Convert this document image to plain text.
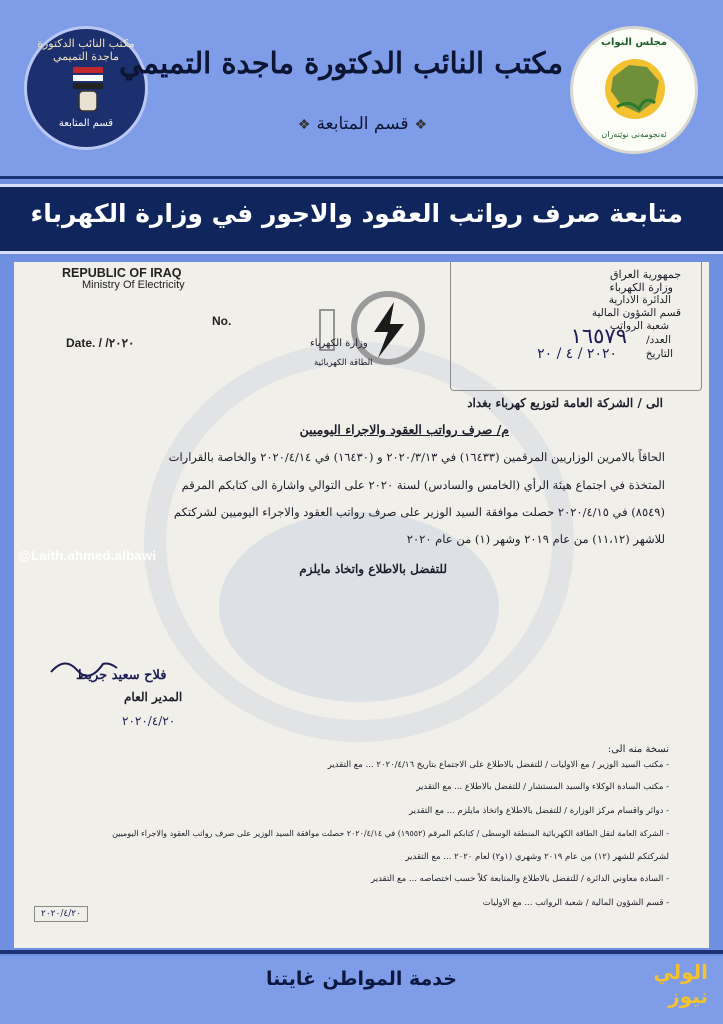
مكتب النائب الدكتورة ماجدة التميمي
قسم المتابعة
مكتب النائب الدكتورة ماجدة التميمي
❖قسم المتابعة❖
مجلس النواب
ئەنجومەنی نوێنەران
متابعة صرف رواتب العقود والاجور في وزارة الكهرباء
REPUBLIC OF IRAQ
Ministry Of Electricity
No.
Date. / /٢٠٢٠	وزارة الكهرباء
الطاقة الكهربائية
جمهورية العراق
وزارة الكهرباء
الدائرة الادارية
قسم الشؤون المالية
شعبة الرواتب
العدد/
التاريخ
١٦٥٧٩
٢٠٢٠ / ٤ / ٢٠
الى / الشركة العامة لتوزيع كهرباء بغداد
م/ صرف رواتب العقود والاجراء اليوميين
الحاقاً بالامرين الوزاريين المرقمين (١٦٤٣٣) في ٢٠٢٠/٣/١٣ و (١٦٤٣٠) في ٢٠٢٠/٤/١٤ والخاصة بالقرارات
المتخذة في اجتماع هيئة الرأي (الخامس والسادس) لسنة ٢٠٢٠ على التوالي واشارة الى كتابكم المرقم
(٨٥٤٩) في ٢٠٢٠/٤/١٥ حصلت موافقة السيد الوزير على صرف رواتب العقود والاجراء اليوميين لشركتكم
للاشهر (١١،١٢) من عام ٢٠١٩ وشهر (١) من عام ٢٠٢٠
للتفضل بالاطلاع واتخاذ مايلزم
فلاح سعيد جريط
المدير العام
٢٠٢٠/٤/٢٠
نسخة منه الى:
- مكتب السيد الوزير / مع الاوليات / للتفضل بالاطلاع على الاجتماع بتاريخ ٢٠٢٠/٤/١٦ ... مع التقدير
- مكتب السادة الوكلاء والسيد المستشار / للتفضل بالاطلاع ... مع التقدير
- دوائر واقسام مركز الوزارة / للتفضل بالاطلاع واتخاذ مايلزم ... مع التقدير
- الشركة العامة لنقل الطاقة الكهربائية المنطقة الوسطى / كتابكم المرقم (١٩٥٥٢) في ٢٠٢٠/٤/١٤ حصلت موافقة السيد الوزير على صرف رواتب العقود والاجراء اليوميين
لشركتكم للشهر (١٢) من عام ٢٠١٩ وشهري (١و٢) لعام ٢٠٢٠ ... مع التقدير
- السادة معاوني الدائرة / للتفضل بالاطلاع والمتابعة كلاً حسب اختصاصه ... مع التقدير
- قسم الشؤون المالية / شعبة الرواتب ... مع الاوليات
٢٠٢٠/٤/٢٠
@Laith.ahmed.albawi
خدمة المواطن غايتنا	الولي نيوز
